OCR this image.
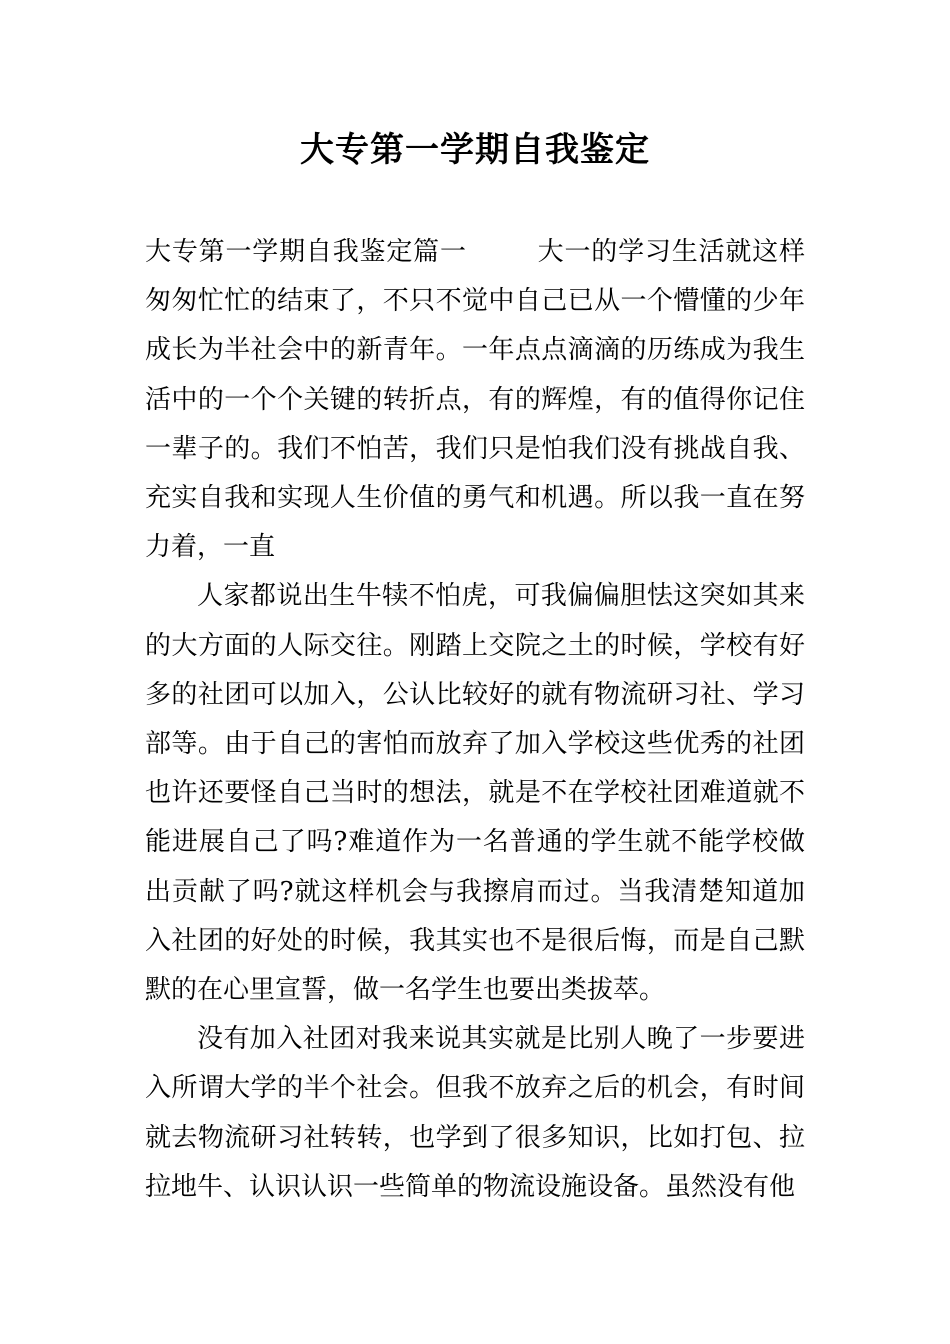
大专第一学期自我鉴定

大专第一学期自我鉴定篇一	大一的学习生活就这样匆匆忙忙的结束了，不只不觉中自己已从一个懵懂的少年成长为半社会中的新青年。一年点点滴滴的历练成为我生活中的一个个关键的转折点，有的辉煌，有的值得你记住一辈子的。我们不怕苦，我们只是怕我们没有挑战自我、充实自我和实现人生价值的勇气和机遇。所以我一直在努力着，一直

人家都说出生牛犊不怕虎，可我偏偏胆怯这突如其来的大方面的人际交往。刚踏上交院之土的时候，学校有好多的社团可以加入，公认比较好的就有物流研习社、学习部等。由于自己的害怕而放弃了加入学校这些优秀的社团也许还要怪自己当时的想法，就是不在学校社团难道就不能进展自己了吗?难道作为一名普通的学生就不能学校做出贡献了吗?就这样机会与我擦肩而过。当我清楚知道加入社团的好处的时候，我其实也不是很后悔，而是自己默默的在心里宣誓，做一名学生也要出类拔萃。

没有加入社团对我来说其实就是比别人晚了一步要进入所谓大学的半个社会。但我不放弃之后的机会，有时间就去物流研习社转转，也学到了很多知识，比如打包、拉拉地牛、认识认识一些简单的物流设施设备。虽然没有他
